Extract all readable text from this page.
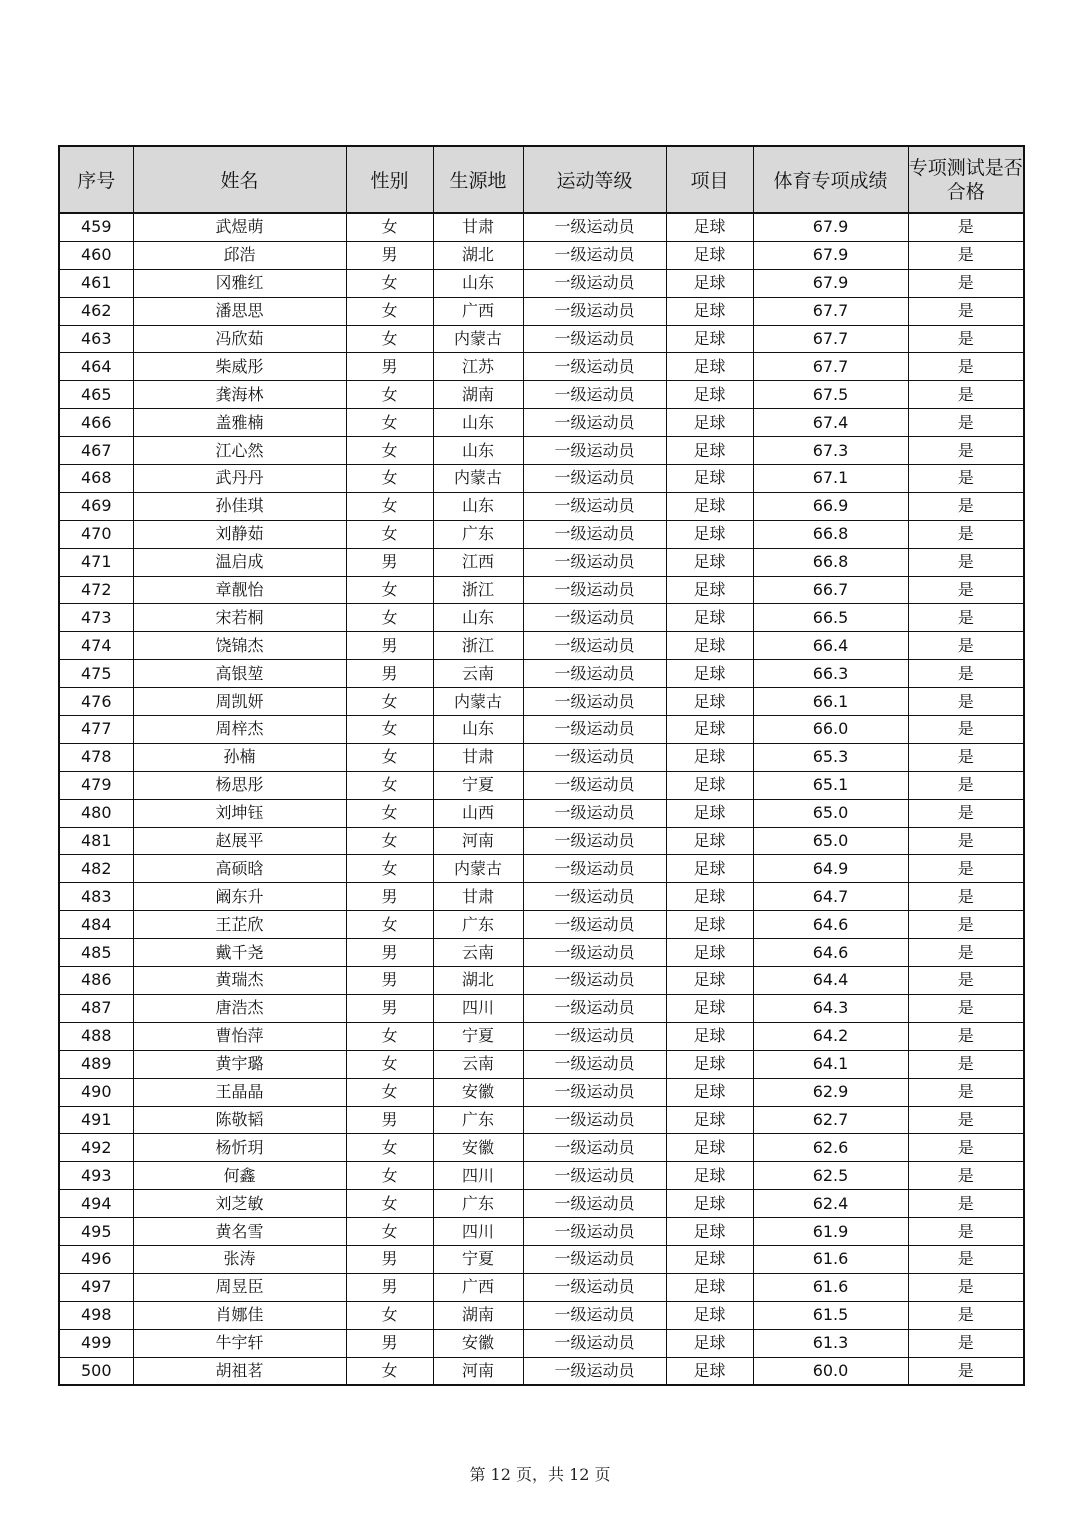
序号	姓名	性别	生源地	运动等级	项目	体育专项成绩	专项测试是否合格
459	武煜萌	女	甘肃	一级运动员	足球	67.9	是
460	邱浩	男	湖北	一级运动员	足球	67.9	是
461	冈雅红	女	山东	一级运动员	足球	67.9	是
462	潘思思	女	广西	一级运动员	足球	67.7	是
463	冯欣茹	女	内蒙古	一级运动员	足球	67.7	是
464	柴威彤	男	江苏	一级运动员	足球	67.7	是
465	龚海林	女	湖南	一级运动员	足球	67.5	是
466	盖雅楠	女	山东	一级运动员	足球	67.4	是
467	江心然	女	山东	一级运动员	足球	67.3	是
468	武丹丹	女	内蒙古	一级运动员	足球	67.1	是
469	孙佳琪	女	山东	一级运动员	足球	66.9	是
470	刘静茹	女	广东	一级运动员	足球	66.8	是
471	温启成	男	江西	一级运动员	足球	66.8	是
472	章靓怡	女	浙江	一级运动员	足球	66.7	是
473	宋若桐	女	山东	一级运动员	足球	66.5	是
474	饶锦杰	男	浙江	一级运动员	足球	66.4	是
475	高银堃	男	云南	一级运动员	足球	66.3	是
476	周凯妍	女	内蒙古	一级运动员	足球	66.1	是
477	周梓杰	女	山东	一级运动员	足球	66.0	是
478	孙楠	女	甘肃	一级运动员	足球	65.3	是
479	杨思彤	女	宁夏	一级运动员	足球	65.1	是
480	刘坤钰	女	山西	一级运动员	足球	65.0	是
481	赵展平	女	河南	一级运动员	足球	65.0	是
482	高硕晗	女	内蒙古	一级运动员	足球	64.9	是
483	阚东升	男	甘肃	一级运动员	足球	64.7	是
484	王芷欣	女	广东	一级运动员	足球	64.6	是
485	戴千尧	男	云南	一级运动员	足球	64.6	是
486	黄瑞杰	男	湖北	一级运动员	足球	64.4	是
487	唐浩杰	男	四川	一级运动员	足球	64.3	是
488	曹怡萍	女	宁夏	一级运动员	足球	64.2	是
489	黄宇璐	女	云南	一级运动员	足球	64.1	是
490	王晶晶	女	安徽	一级运动员	足球	62.9	是
491	陈敬韬	男	广东	一级运动员	足球	62.7	是
492	杨忻玥	女	安徽	一级运动员	足球	62.6	是
493	何鑫	女	四川	一级运动员	足球	62.5	是
494	刘芝敏	女	广东	一级运动员	足球	62.4	是
495	黄名雪	女	四川	一级运动员	足球	61.9	是
496	张涛	男	宁夏	一级运动员	足球	61.6	是
497	周昱臣	男	广西	一级运动员	足球	61.6	是
498	肖娜佳	女	湖南	一级运动员	足球	61.5	是
499	牛宇轩	男	安徽	一级运动员	足球	61.3	是
500	胡祖茗	女	河南	一级运动员	足球	60.0	是
第 12 页，共 12 页
